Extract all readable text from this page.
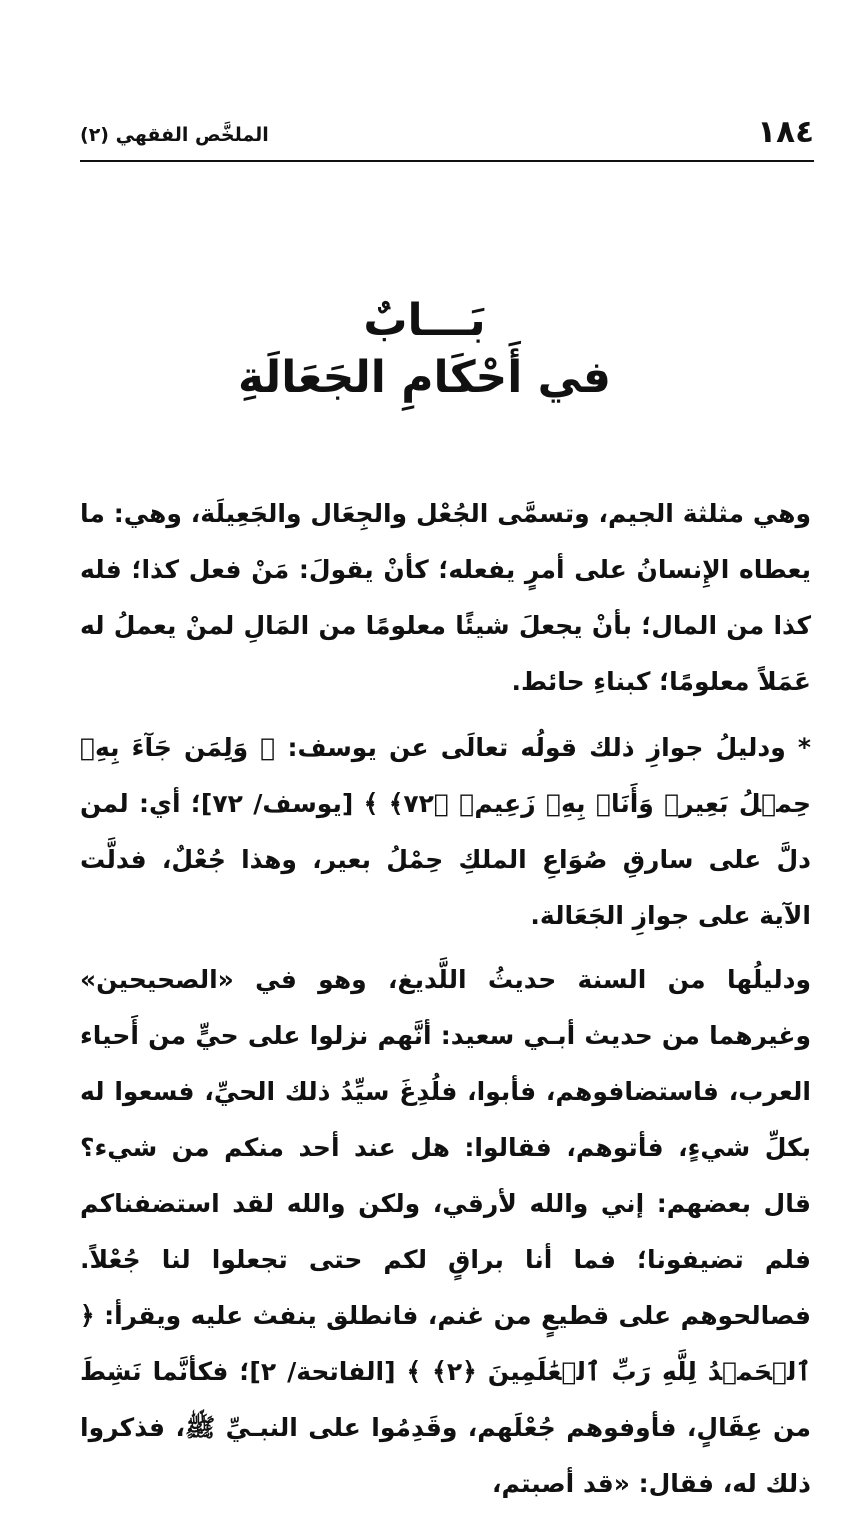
١٨٤
الملخَّص الفقهي (٢)
بَـــابٌ
في أَحْكَامِ الجَعَالَةِ

وهي مثلثة الجيم، وتسمَّى الجُعْل والجِعَال والجَعِيلَة، وهي: ما يعطاه الإِنسانُ على أمرٍ يفعله؛ كأنْ يقولَ: مَنْ فعل كذا؛ فله كذا من المال؛ بأنْ يجعلَ شيئًا معلومًا من المَالِ لمنْ يعملُ له عَمَلاً معلومًا؛ كبناءِ حائط.

* ودليلُ جوازِ ذلك قولُه تعالَى عن يوسف: ﴿ وَلِمَن جَآءَ بِهِۦ حِمۡلُ بَعِيرٖ وَأَنَا۠ بِهِۦ زَعِيمٞ ﴿٧٢﴾ ﴾ [يوسف/ ٧٢]؛ أي: لمن دلَّ على سارقِ صُوَاعِ الملكِ حِمْلُ بعير، وهذا جُعْلٌ، فدلَّت الآية على جوازِ الجَعَالة.

ودليلُها من السنة حديثُ اللَّديغ، وهو في «الصحيحين» وغيرهما من حديث أبـي سعيد: أنَّهم نزلوا على حيٍّ من أَحياء العرب، فاستضافوهم، فأبوا، فلُدِغَ سيِّدُ ذلك الحيِّ، فسعوا له بكلِّ شيءٍ، فأتوهم، فقالوا: هل عند أحد منكم من شيء؟ قال بعضهم: إني والله لأرقي، ولكن والله لقد استضفناكم فلم تضيفونا؛ فما أنا براقٍ لكم حتى تجعلوا لنا جُعْلاً. فصالحوهم على قطيعٍ من غنم، فانطلق ينفث عليه ويقرأ: ﴿ ٱلۡحَمۡدُ لِلَّهِ رَبِّ ٱلۡعَٰلَمِينَ ﴿٢﴾ ﴾ [الفاتحة/ ٢]؛ فكأنَّما نَشِطَ من عِقَالٍ، فأوفوهم جُعْلَهم، وقَدِمُوا على النبـيِّ ﷺ، فذكروا ذلك له، فقال: «قد أصبتم،
